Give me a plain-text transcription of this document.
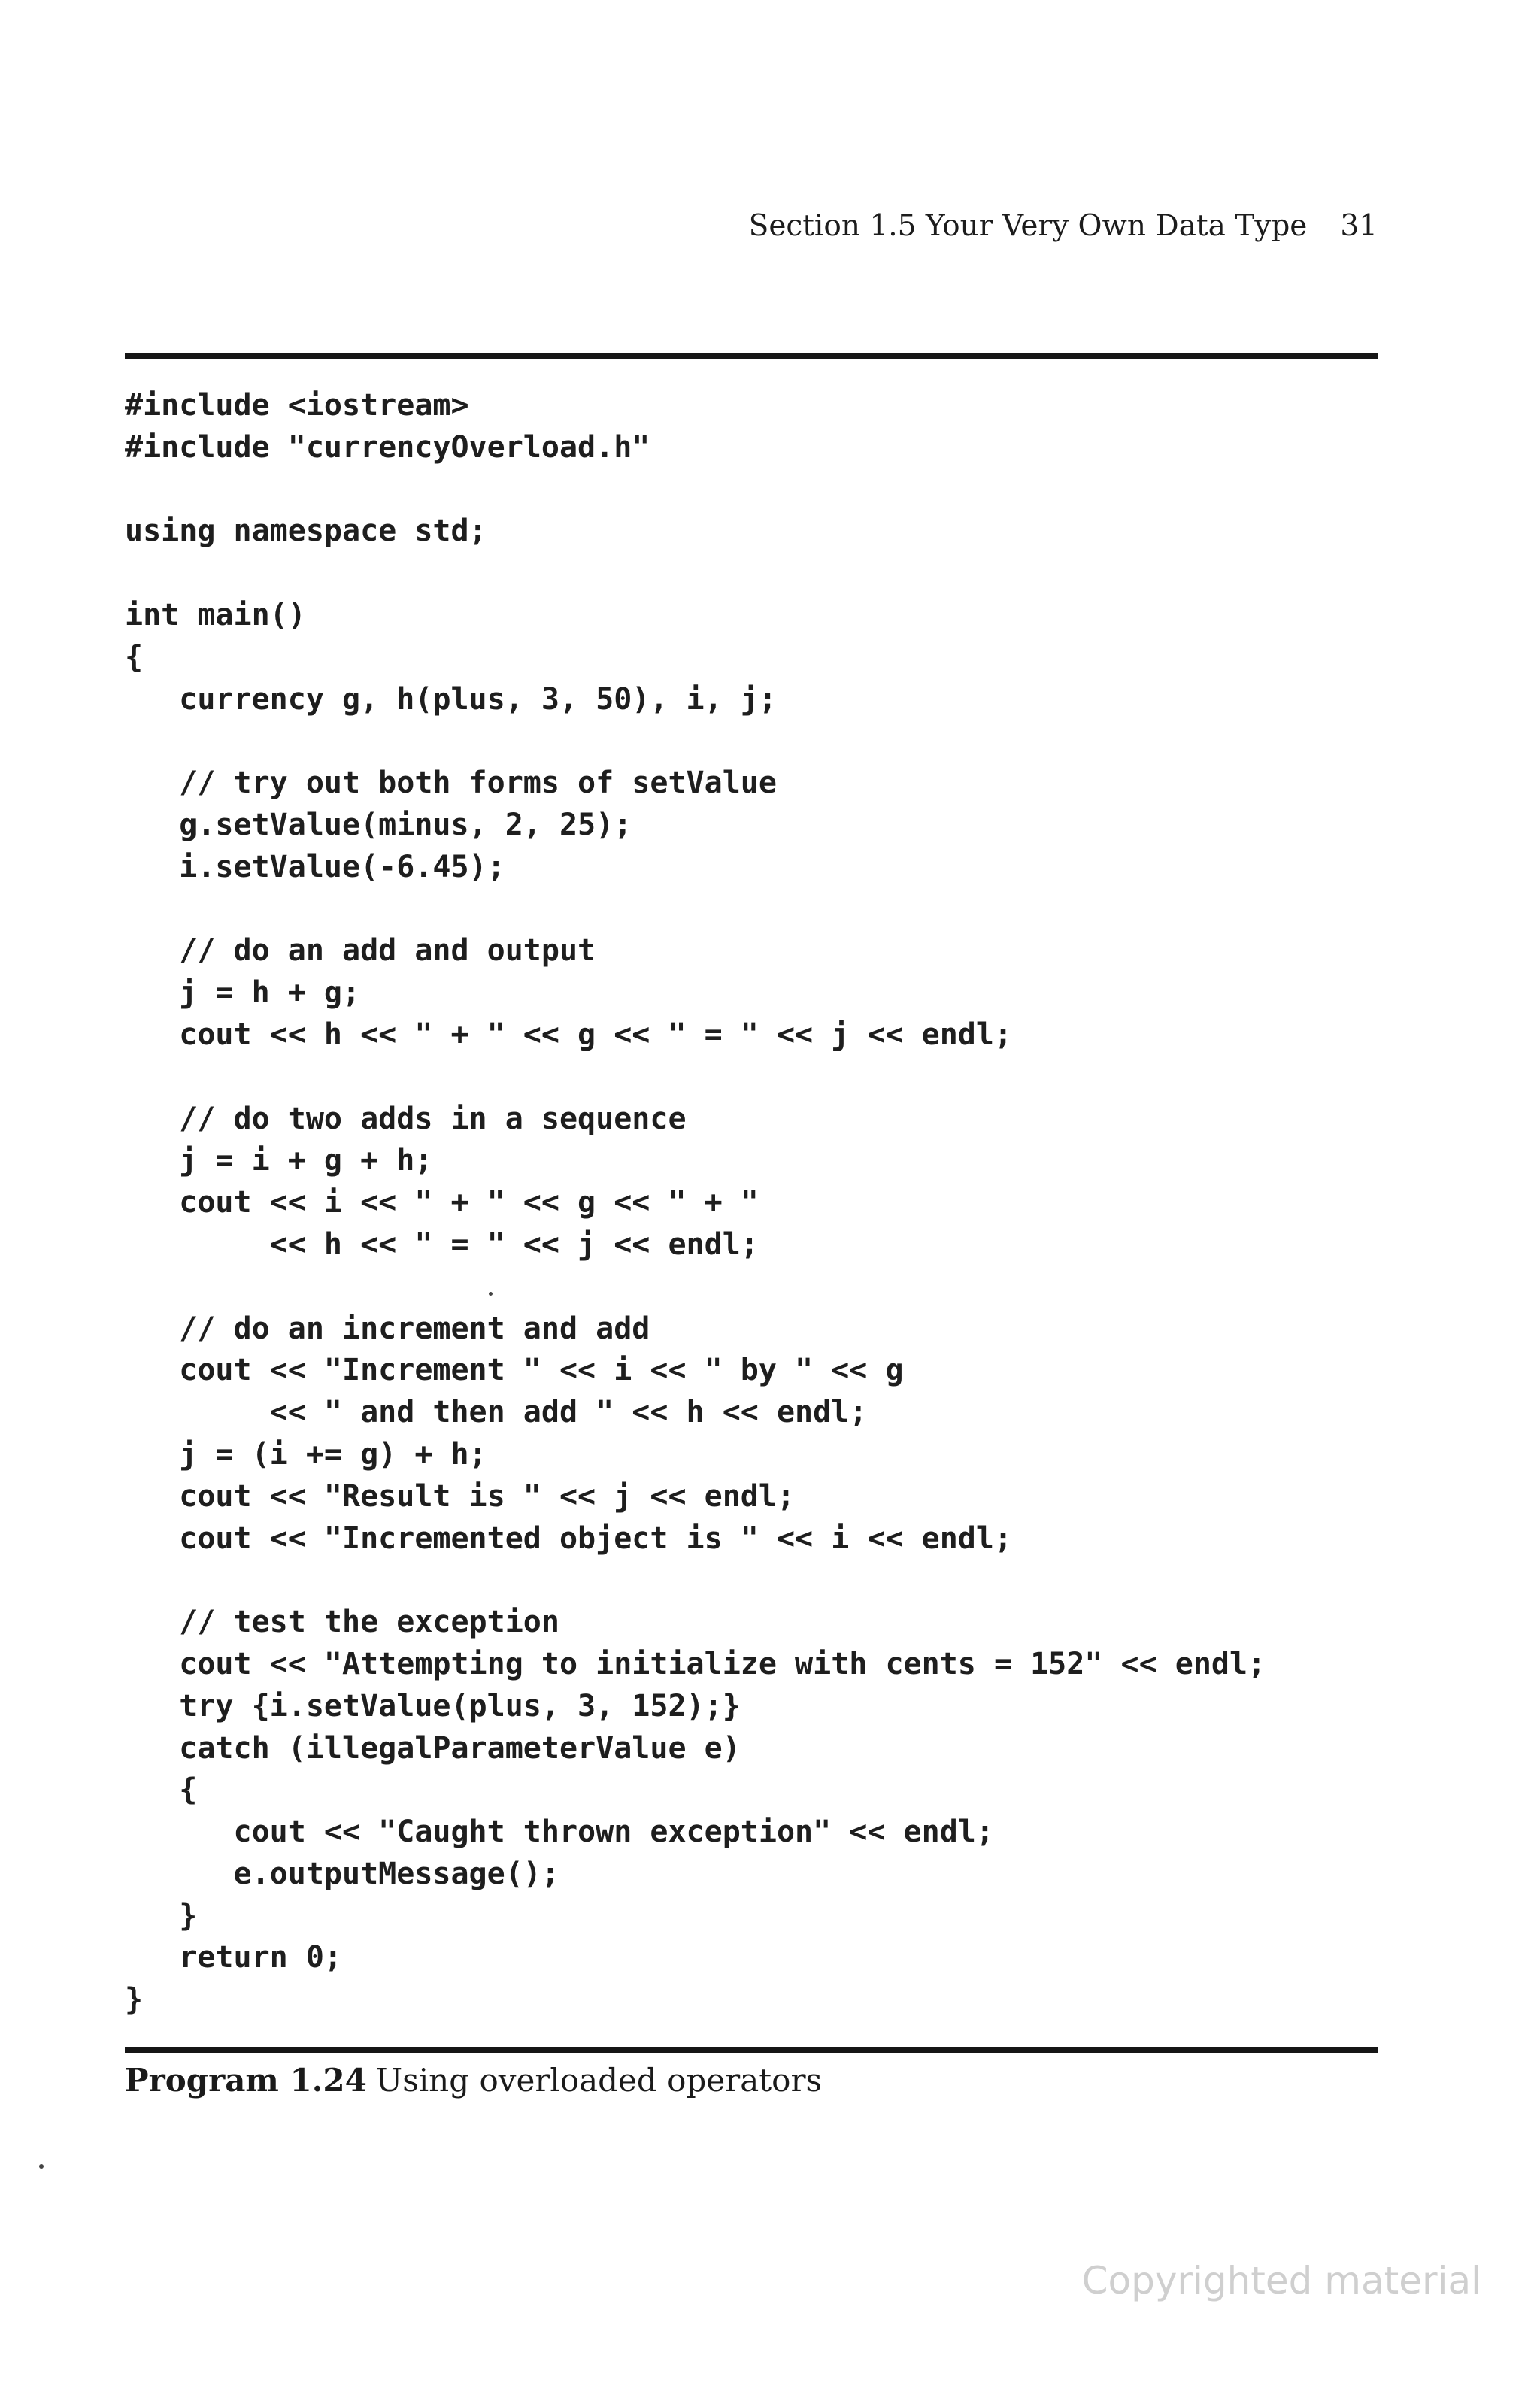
Section 1.5 Your Very Own Data Type 31
#include <iostream>
#include "currencyOverload.h"
using namespace std;
int main()
{
currency g, h(plus, 3, 50), i, j;
// try out both forms of setValue
g.setValue(minus, 2, 25);
i.setValue(-6.45);
// do an add and output
j = h + g;
cout << h << " + " << g << " = " << j << endl;
// do two adds in a sequence
j = i + g + h;
cout << i << " + " << g << " + "
<< h << " = " << j << endl;
// do an increment and add
cout << "Increment " << i << " by " << g
<< " and then add " << h << endl;
j = (i += g) + h;
cout << "Result is " << j << endl;
cout << "Incremented object is " << i << endl;
// test the exception
cout << "Attempting to initialize with cents = 152" << endl;
try {i.setValue(plus, 3, 152);}
catch (illegalParameterValue e)
{
cout << "Caught thrown exception" << endl;
e.outputMessage();
}
return 0;
}
Program 1.24 Using overloaded operators
Copyrighted material
